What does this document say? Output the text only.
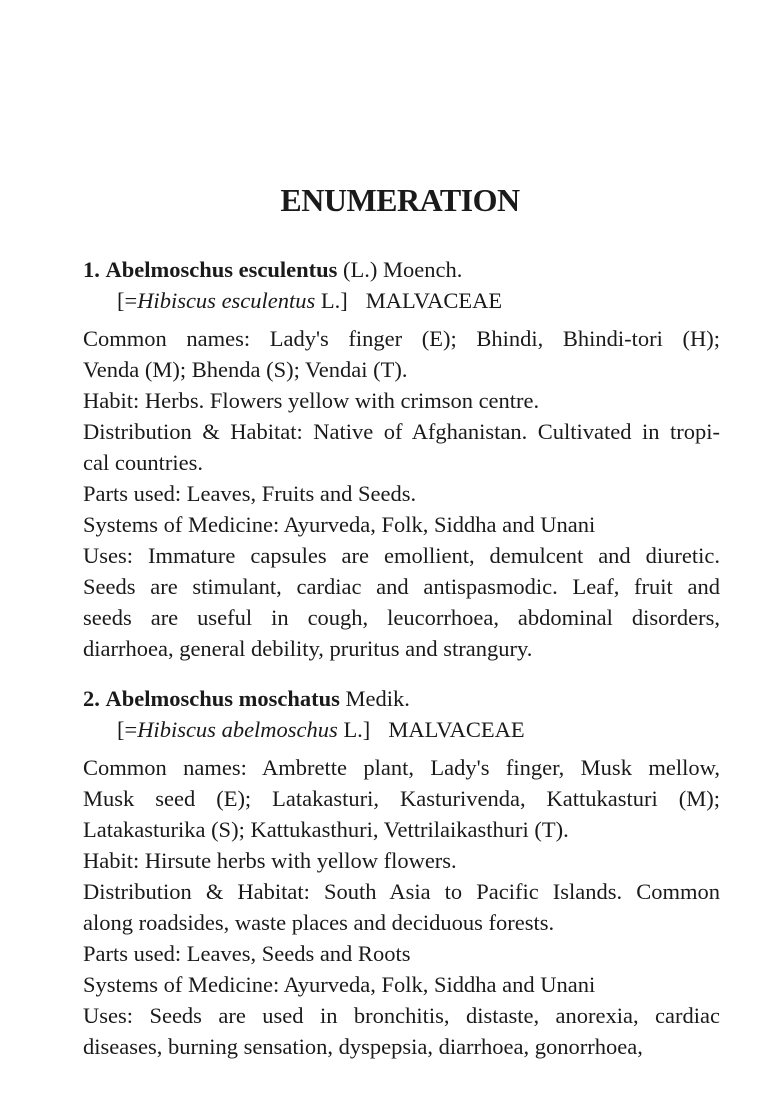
ENUMERATION
1. Abelmoschus esculentus (L.) Moench.
[=Hibiscus esculentus L.] MALVACEAE
Common names: Lady's finger (E); Bhindi, Bhindi-tori (H);
Venda (M); Bhenda (S); Vendai (T).
Habit: Herbs. Flowers yellow with crimson centre.
Distribution & Habitat: Native of Afghanistan. Cultivated in tropi-
cal countries.
Parts used: Leaves, Fruits and Seeds.
Systems of Medicine: Ayurveda, Folk, Siddha and Unani
Uses: Immature capsules are emollient, demulcent and diuretic.
Seeds are stimulant, cardiac and antispasmodic. Leaf, fruit and
seeds are useful in cough, leucorrhoea, abdominal disorders,
diarrhoea, general debility, pruritus and strangury.
2. Abelmoschus moschatus Medik.
[=Hibiscus abelmoschus L.] MALVACEAE
Common names: Ambrette plant, Lady's finger, Musk mellow,
Musk seed (E); Latakasturi, Kasturivenda, Kattukasturi (M);
Latakasturika (S); Kattukasthuri, Vettrilaikasthuri (T).
Habit: Hirsute herbs with yellow flowers.
Distribution & Habitat: South Asia to Pacific Islands. Common
along roadsides, waste places and deciduous forests.
Parts used: Leaves, Seeds and Roots
Systems of Medicine: Ayurveda, Folk, Siddha and Unani
Uses: Seeds are used in bronchitis, distaste, anorexia, cardiac
diseases, burning sensation, dyspepsia, diarrhoea, gonorrhoea,
